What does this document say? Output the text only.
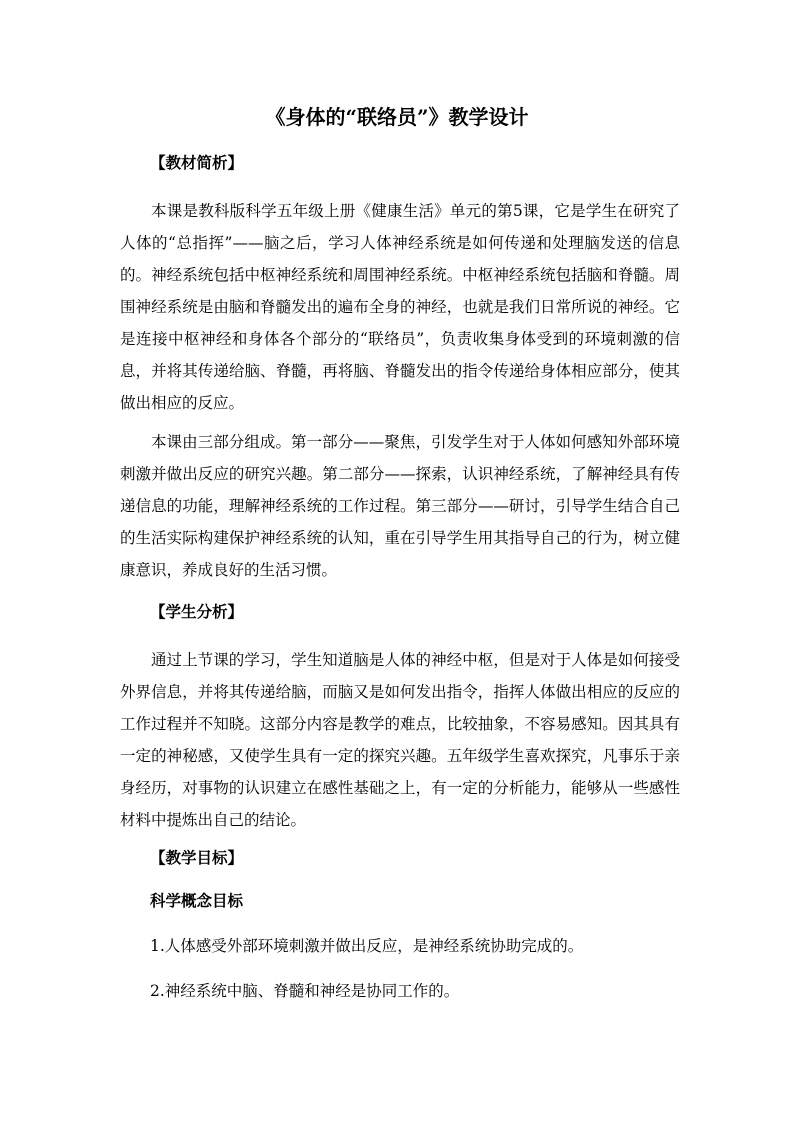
《身体的“联络员”》教学设计
【教材简析】

本课是教科版科学五年级上册《健康生活》单元的第5课，它是学生在研究了人体的“总指挥”——脑之后，学习人体神经系统是如何传递和处理脑发送的信息的。神经系统包括中枢神经系统和周围神经系统。中枢神经系统包括脑和脊髓。周围神经系统是由脑和脊髓发出的遍布全身的神经，也就是我们日常所说的神经。它是连接中枢神经和身体各个部分的“联络员”，负责收集身体受到的环境刺激的信息，并将其传递给脑、脊髓，再将脑、脊髓发出的指令传递给身体相应部分，使其做出相应的反应。

本课由三部分组成。第一部分——聚焦，引发学生对于人体如何感知外部环境刺激并做出反应的研究兴趣。第二部分——探索，认识神经系统，了解神经具有传递信息的功能，理解神经系统的工作过程。第三部分——研讨，引导学生结合自己的生活实际构建保护神经系统的认知，重在引导学生用其指导自己的行为，树立健康意识，养成良好的生活习惯。

【学生分析】

通过上节课的学习，学生知道脑是人体的神经中枢，但是对于人体是如何接受外界信息，并将其传递给脑，而脑又是如何发出指令，指挥人体做出相应的反应的工作过程并不知晓。这部分内容是教学的难点，比较抽象，不容易感知。因其具有一定的神秘感，又使学生具有一定的探究兴趣。五年级学生喜欢探究，凡事乐于亲身经历，对事物的认识建立在感性基础之上，有一定的分析能力，能够从一些感性材料中提炼出自己的结论。

【教学目标】
科学概念目标
1.人体感受外部环境刺激并做出反应，是神经系统协助完成的。
2.神经系统中脑、脊髓和神经是协同工作的。
